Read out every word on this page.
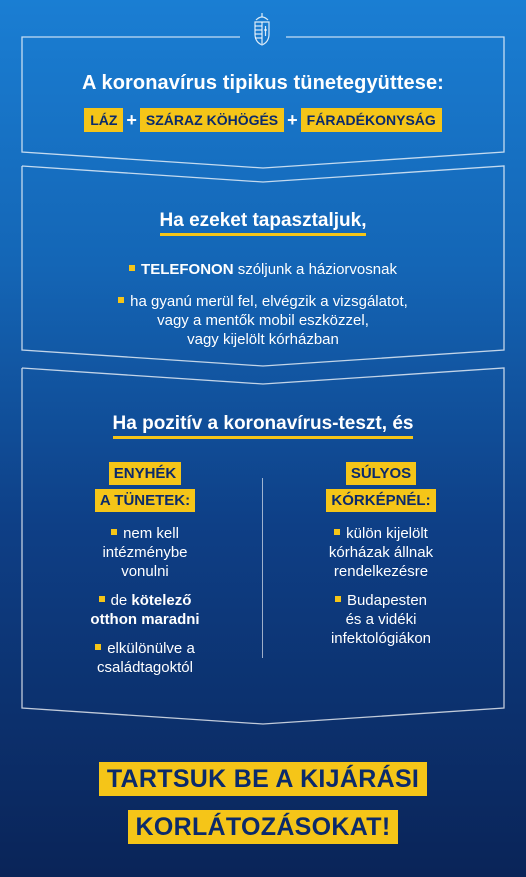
A koronavírus tipikus tünetegyüttese:
LÁZ + SZÁRAZ KÖHÖGÉS + FÁRADÉKONYSÁG
Ha ezeket tapasztaljuk,
TELEFONON szóljunk a háziorvosnak
ha gyanú merül fel, elvégzik a vizsgálatot,
vagy a mentők mobil eszközzel,
vagy kijelölt kórházban
Ha pozitív a koronavírus-teszt, és
ENYHÉK
A TÜNETEK:
nem kell
intézménybe
vonulni
de kötelező
otthon maradni
elkülönülve a
családtagoktól
SÚLYOS
KÓRKÉPNÉL:
külön kijelölt
kórházak állnak
rendelkezésre
Budapesten
és a vidéki
infektológiákon
TARTSUK BE A KIJÁRÁSI
KORLÁTOZÁSOKAT!
